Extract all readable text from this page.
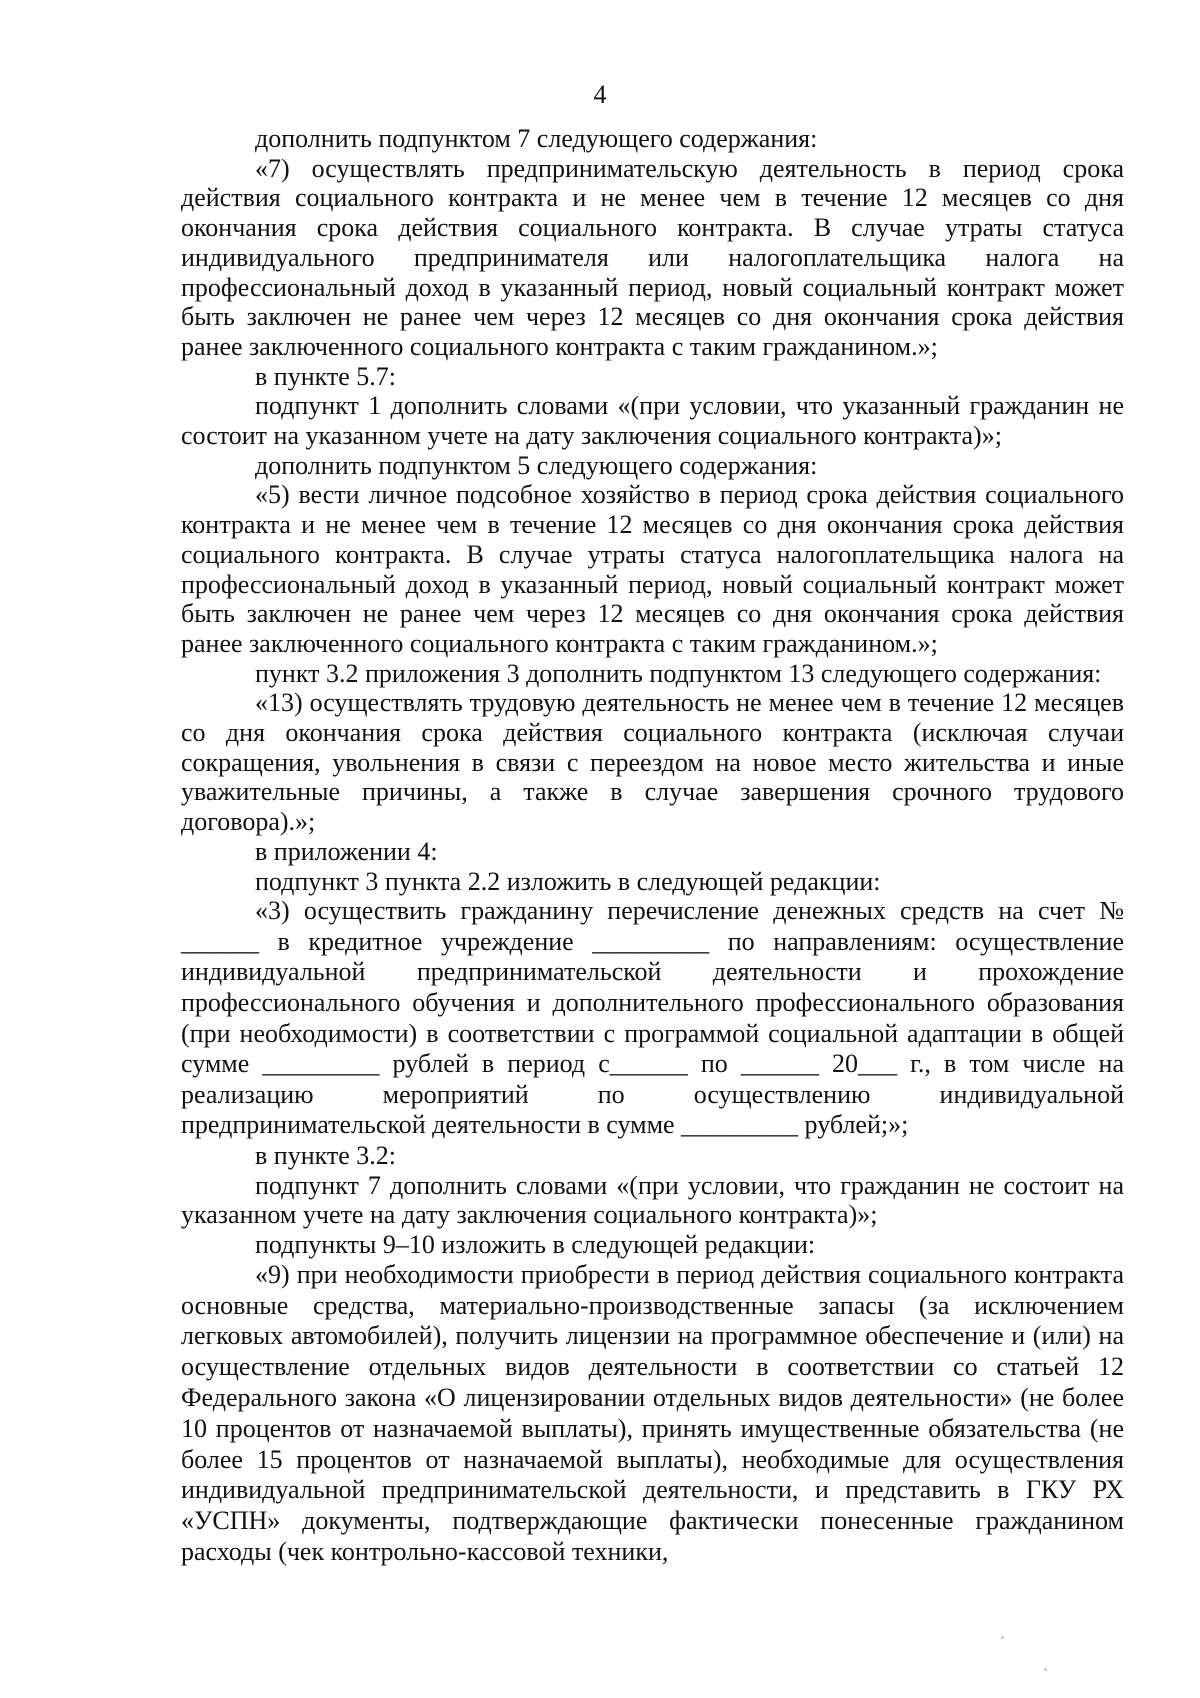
4

дополнить подпунктом 7 следующего содержания:

«7) осуществлять предпринимательскую деятельность в период срока действия социального контракта и не менее чем в течение 12 месяцев со дня окончания срока действия социального контракта. В случае утраты статуса индивидуального предпринимателя или налогоплательщика налога на профессиональный доход в указанный период, новый социальный контракт может быть заключен не ранее чем через 12 месяцев со дня окончания срока действия ранее заключенного социального контракта с таким гражданином.»;

в пункте 5.7:

подпункт 1 дополнить словами «(при условии, что указанный гражданин не состоит на указанном учете на дату заключения социального контракта)»;

дополнить подпунктом 5 следующего содержания:

«5) вести личное подсобное хозяйство в период срока действия социального контракта и не менее чем в течение 12 месяцев со дня окончания срока действия социального контракта. В случае утраты статуса налогоплательщика налога на профессиональный доход в указанный период, новый социальный контракт может быть заключен не ранее чем через 12 месяцев со дня окончания срока действия ранее заключенного социального контракта с таким гражданином.»;

пункт 3.2 приложения 3 дополнить подпунктом 13 следующего содержания:

«13) осуществлять трудовую деятельность не менее чем в течение 12 месяцев со дня окончания срока действия социального контракта (исключая случаи сокращения, увольнения в связи с переездом на новое место жительства и иные уважительные причины, а также в случае завершения срочного трудового договора).»;

в приложении 4:

подпункт 3 пункта 2.2 изложить в следующей редакции:

«3) осуществить гражданину перечисление денежных средств на счет № ______ в кредитное учреждение _________ по направлениям: осуществление индивидуальной предпринимательской деятельности и прохождение профессионального обучения и дополнительного профессионального образования (при необходимости) в соответствии с программой социальной адаптации в общей сумме _________ рублей в период с______ по ______ 20___ г., в том числе на реализацию мероприятий по осуществлению индивидуальной предпринимательской деятельности в сумме _________ рублей;»;

в пункте 3.2:

подпункт 7 дополнить словами «(при условии, что гражданин не состоит на указанном учете на дату заключения социального контракта)»;

подпункты 9–10 изложить в следующей редакции:

«9) при необходимости приобрести в период действия социального контракта основные средства, материально-производственные запасы (за исключением легковых автомобилей), получить лицензии на программное обеспечение и (или) на осуществление отдельных видов деятельности в соответствии со статьей 12 Федерального закона «О лицензировании отдельных видов деятельности» (не более 10 процентов от назначаемой выплаты), принять имущественные обязательства (не более 15 процентов от назначаемой выплаты), необходимые для осуществления индивидуальной предпринимательской деятельности, и представить в ГКУ РХ «УСПН» документы, подтверждающие фактически понесенные гражданином расходы (чек контрольно-кассовой техники,
